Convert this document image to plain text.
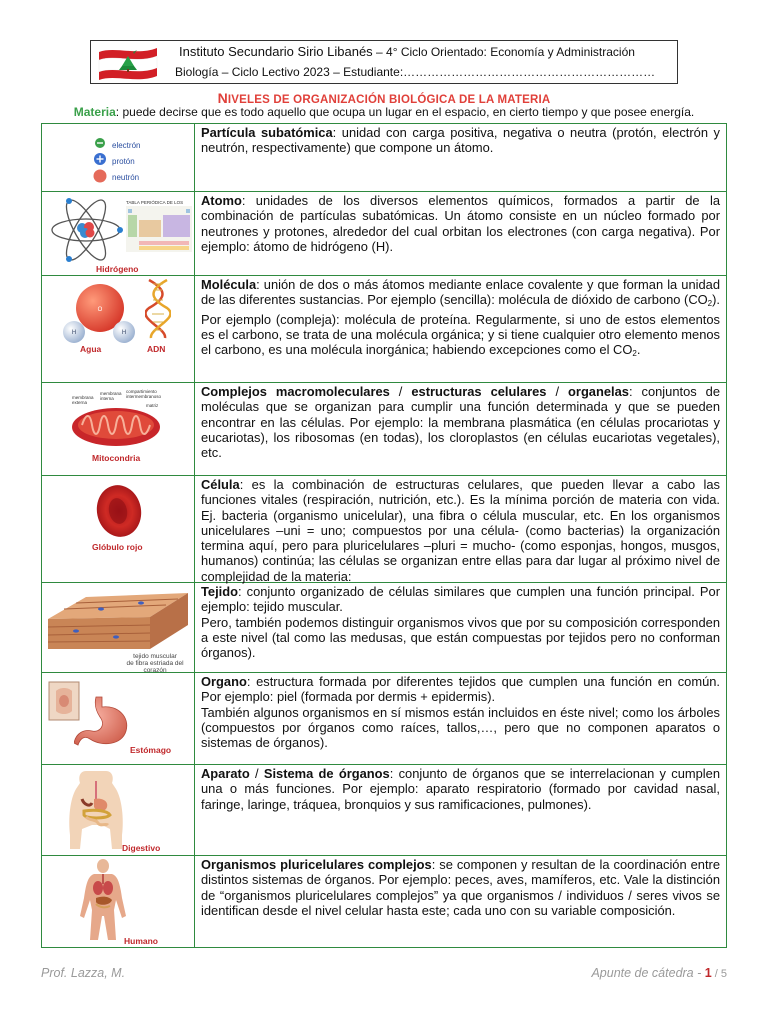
Instituto Secundario Sirio Libanés – 4° Ciclo Orientado: Economía y Administración
Biología – Ciclo Lectivo 2023 – Estudiante:………………………………………………………
NIVELES DE ORGANIZACIÓN BIOLÓGICA DE LA MATERIA
Materia: puede decirse que es todo aquello que ocupa un lugar en el espacio, en cierto tiempo y que posee energía.
electrón
protón
neutrón
Partícula subatómica: unidad con carga positiva, negativa o neutra (protón, electrón y neutrón, respectivamente) que compone un átomo.
TABLA PERIÓDICA DE LOS
Hidrógeno
Atomo: unidades de los diversos elementos químicos, formados a partir de la combinación de partículas subatómicas. Un átomo consiste en un núcleo formado por neutrones y protones, alrededor del cual orbitan los electrones (con carga negativa). Por ejemplo: átomo de hidrógeno (H).
O
H	H
Agua	ADN
Molécula: unión de dos o más átomos mediante enlace covalente y que forman la unidad de las diferentes sustancias. Por ejemplo (sencilla): molécula de dióxido de carbono $(CO_2)$. Por ejemplo (compleja): molécula de proteína. Regularmente, si uno de estos elementos es el carbono, se trata de una molécula orgánica; y si tiene cualquier otro elemento menos el carbono, es una molécula inorgánica; habiendo excepciones como el $CO_2$.
membrana externa
membrana interna
compartimiento intermembranoso
matriz
Mitocondria
Complejos macromoleculares / estructuras celulares / organelas: conjuntos de moléculas que se organizan para cumplir una función determinada y que se pueden encontrar en las células. Por ejemplo: la membrana plasmática (en células procariotas y eucariotas), los ribosomas (en todas), los cloroplastos (en células eucariotas vegetales), etc.
Glóbulo rojo
Célula: es la combinación de estructuras celulares, que pueden llevar a cabo las funciones vitales (respiración, nutrición, etc.). Es la mínima porción de materia con vida. Ej. bacteria (organismo unicelular), una fibra o célula muscular, etc. En los organismos unicelulares –uni = uno; compuestos por una célula- (como bacterias) la organización termina aquí, pero para pluricelulares –pluri = mucho- (como esponjas, hongos, musgos, humanos) continúa; las células se organizan entre ellas para dar lugar al próximo nivel de complejidad de la materia:
tejido muscular
de fibra estriada del corazón
Tejido: conjunto organizado de células similares que cumplen una función principal. Por ejemplo: tejido muscular.
Pero, también podemos distinguir organismos vivos que por su composición corresponden a este nivel (tal como las medusas, que están compuestas por tejidos pero no conforman órganos).
Estómago
Organo: estructura formada por diferentes tejidos que cumplen una función en común. Por ejemplo: piel (formada por dermis + epidermis).
También algunos organismos en sí mismos están incluidos en éste nivel; como los árboles (compuestos por órganos como raíces, tallos,…, pero que no componen aparatos o sistemas de órganos).
Digestivo
Aparato / Sistema de órganos: conjunto de órganos que se interrelacionan y cumplen una o más funciones. Por ejemplo: aparato respiratorio (formado por cavidad nasal, faringe, laringe, tráquea, bronquios y sus ramificaciones, pulmones).
Humano
Organismos pluricelulares complejos: se componen y resultan de la coordinación entre distintos sistemas de órganos. Por ejemplo: peces, aves, mamíferos, etc. Vale la distinción de “organismos pluricelulares complejos” ya que organismos / individuos / seres vivos se identifican desde el nivel celular hasta este; cada uno con su variable composición.
Prof. Lazza, M.	Apunte de cátedra - 1 / 5
